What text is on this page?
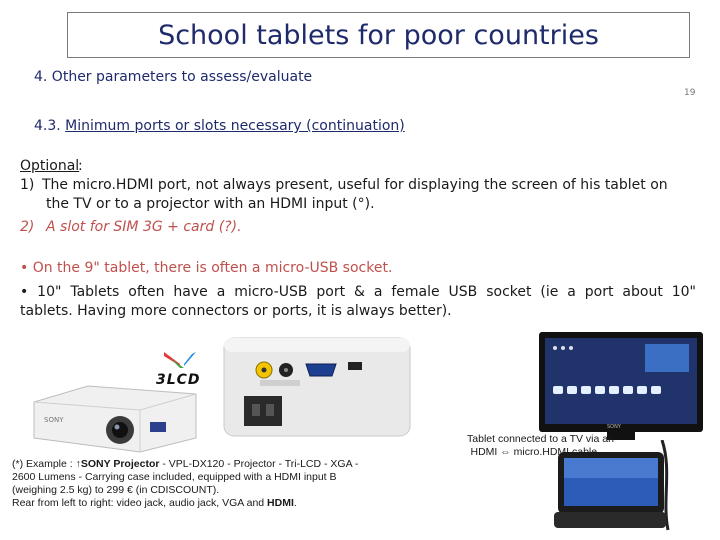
School tablets for poor countries
4. Other parameters to assess/evaluate
19
4.3. Minimum ports or slots necessary (continuation)
Optional
:
1) The micro.HDMI port, not always present, useful for displaying the screen of his tablet on
the TV or to a projector with an HDMI input (°).
2) A slot for SIM 3G + card (?).
• On the 9" tablet, there is often a micro-USB socket.
• 10" Tablets often have a micro-USB port & a female USB socket (ie a port about 10"
tablets. Having more connectors or ports, it is always better).
3LCD
SONY
SONY
(*) Example : ↑SONY Projector - VPL-DX120 - Projector - Tri-LCD - XGA -
2600 Lumens - Carrying case included, equipped with a HDMI input B
(weighing 2.5 kg) to 299 € (in CDISCOUNT).
Rear from left to right: video jack, audio jack, VGA and HDMI.
Tablet connected to a TV via an
HDMI ⇔ micro.HDMI cable →
